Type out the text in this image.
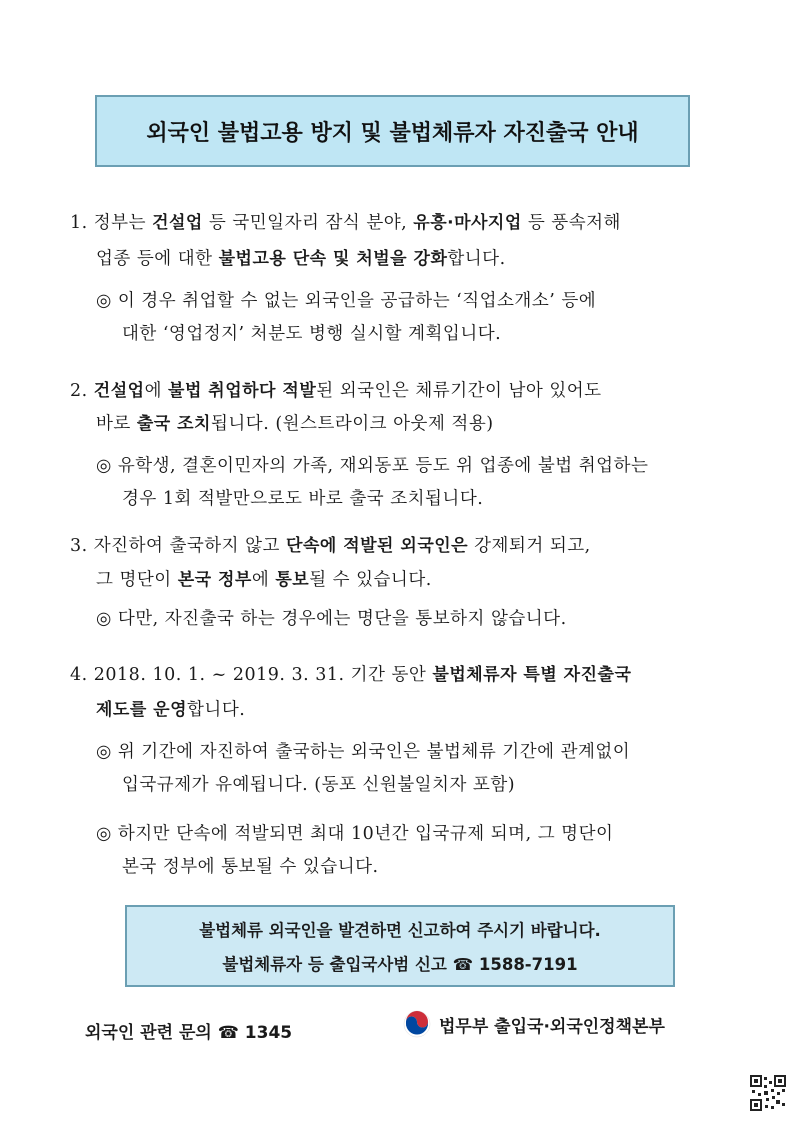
외국인 불법고용 방지 및 불법체류자 자진출국 안내
1. 정부는 건설업 등 국민일자리 잠식 분야, 유흥·마사지업 등 풍속저해
업종 등에 대한 불법고용 단속 및 처벌을 강화합니다.
◎ 이 경우 취업할 수 없는 외국인을 공급하는 ‘직업소개소’ 등에
대한 ‘영업정지’ 처분도 병행 실시할 계획입니다.
2. 건설업에 불법 취업하다 적발된 외국인은 체류기간이 남아 있어도
바로 출국 조치됩니다. (원스트라이크 아웃제 적용)
◎ 유학생, 결혼이민자의 가족, 재외동포 등도 위 업종에 불법 취업하는
경우 1회 적발만으로도 바로 출국 조치됩니다.
3. 자진하여 출국하지 않고 단속에 적발된 외국인은 강제퇴거 되고,
그 명단이 본국 정부에 통보될 수 있습니다.
◎ 다만, 자진출국 하는 경우에는 명단을 통보하지 않습니다.
4. 2018. 10. 1. ~ 2019. 3. 31. 기간 동안 불법체류자 특별 자진출국
제도를 운영합니다.
◎ 위 기간에 자진하여 출국하는 외국인은 불법체류 기간에 관계없이
입국규제가 유예됩니다. (동포 신원불일치자 포함)
◎ 하지만 단속에 적발되면 최대 10년간 입국규제 되며, 그 명단이
본국 정부에 통보될 수 있습니다.
불법체류 외국인을 발견하면 신고하여 주시기 바랍니다.
불법체류자 등 출입국사범 신고 ☎ 1588-7191
외국인 관련 문의 ☎ 1345	법무부 출입국·외국인정책본부
